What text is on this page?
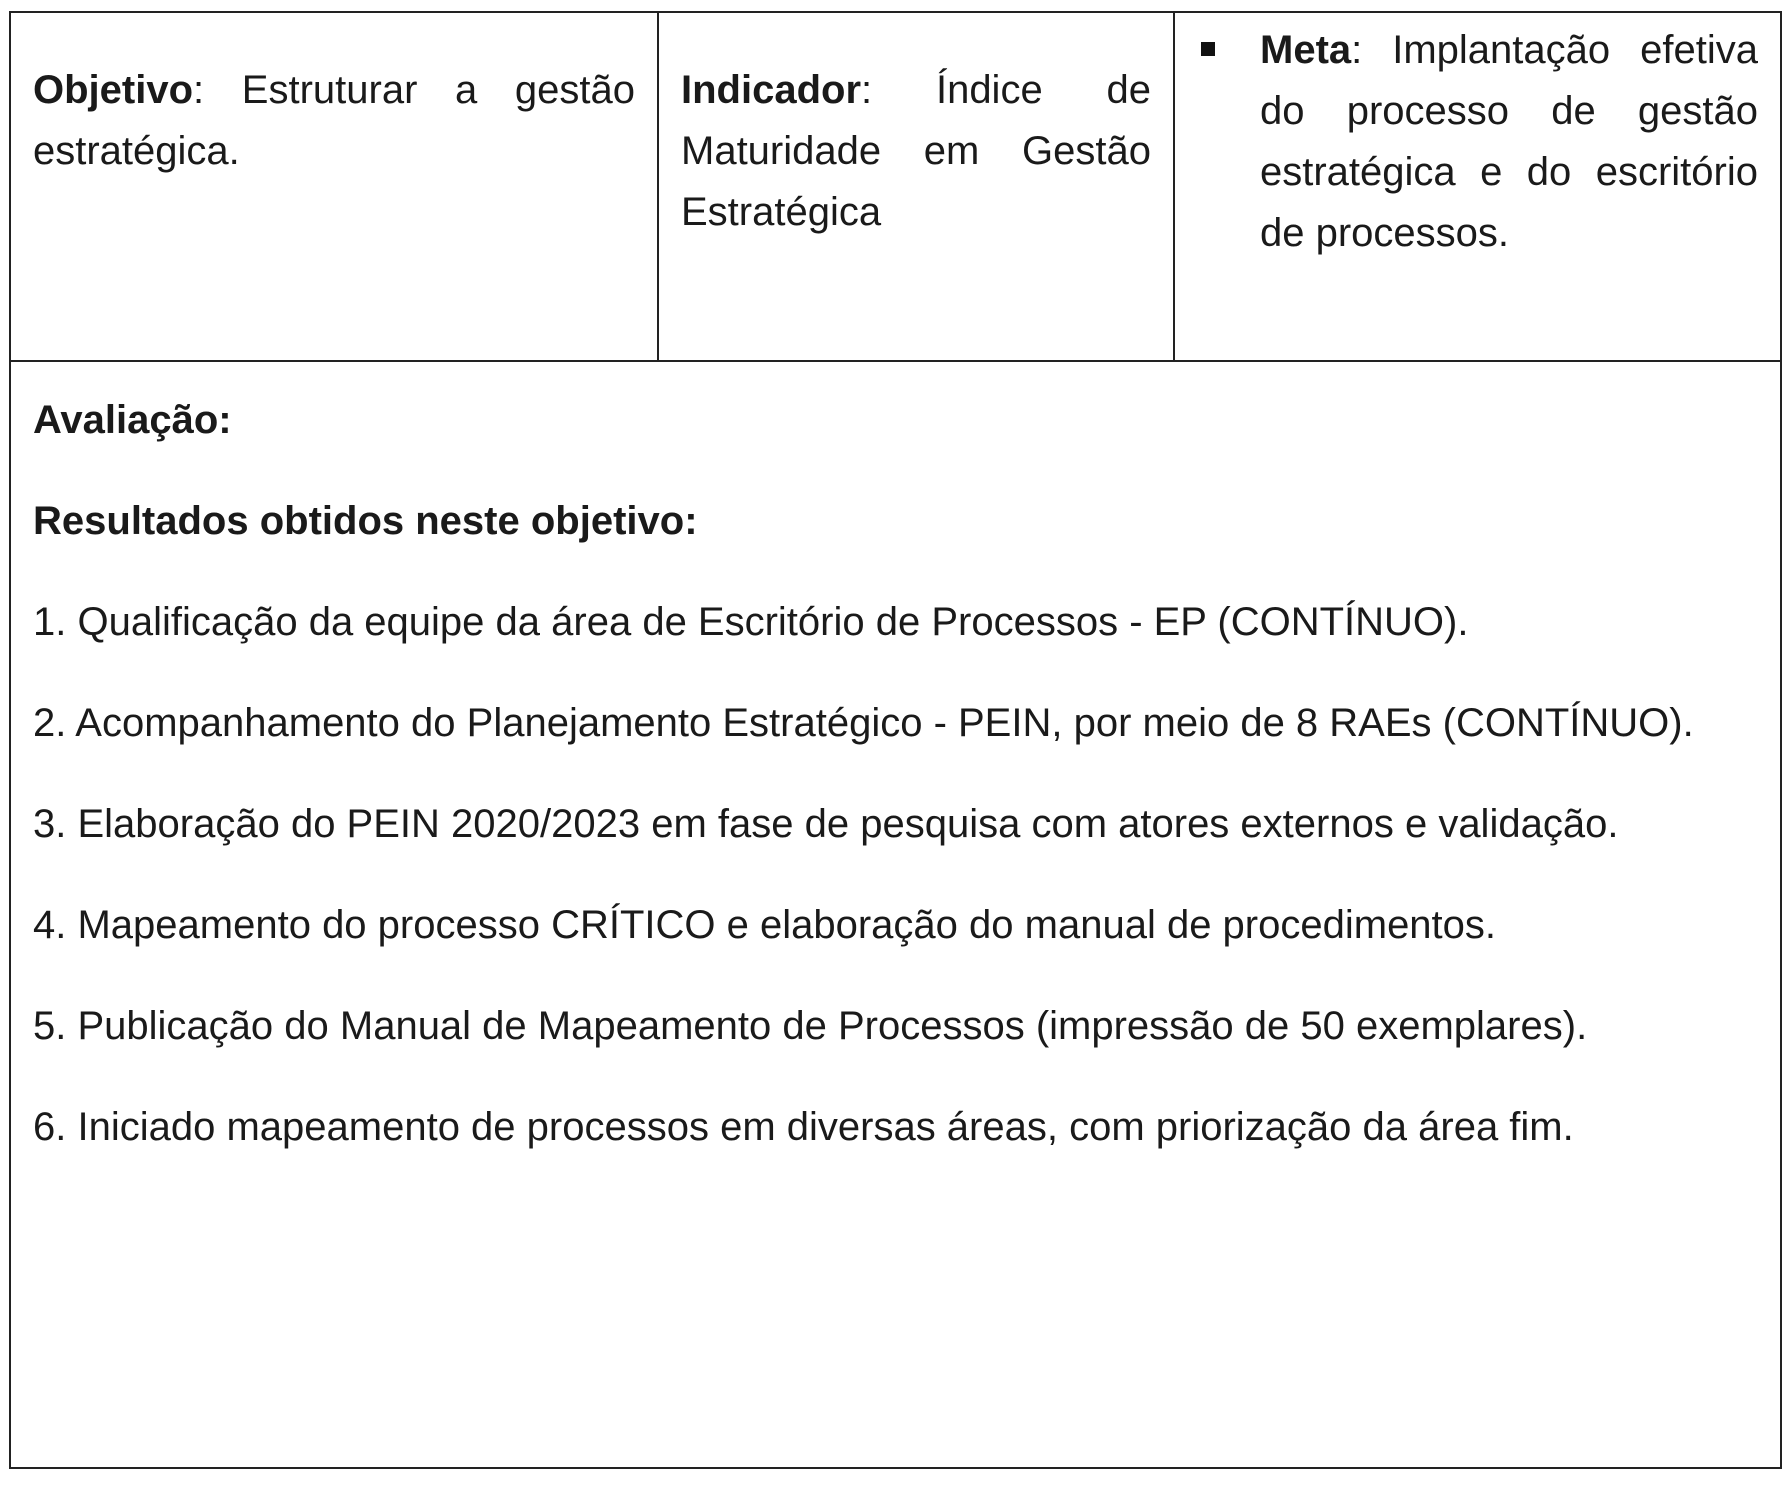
Objetivo: Estruturar a gestão estratégica.
Indicador: Índice de Maturidade em Gestão Estratégica
Meta: Implantação efetiva do processo de gestão estratégica e do escritório de processos.

Avaliação:

Resultados obtidos neste objetivo:

1. Qualificação da equipe da área de Escritório de Processos - EP (CONTÍNUO).

2. Acompanhamento do Planejamento Estratégico - PEIN, por meio de 8 RAEs (CONTÍNUO).

3. Elaboração do PEIN 2020/2023 em fase de pesquisa com atores externos e validação.

4. Mapeamento do processo CRÍTICO e elaboração do manual de procedimentos.

5. Publicação do Manual de Mapeamento de Processos (impressão de 50 exemplares).

6. Iniciado mapeamento de processos em diversas áreas, com priorização da área fim.
